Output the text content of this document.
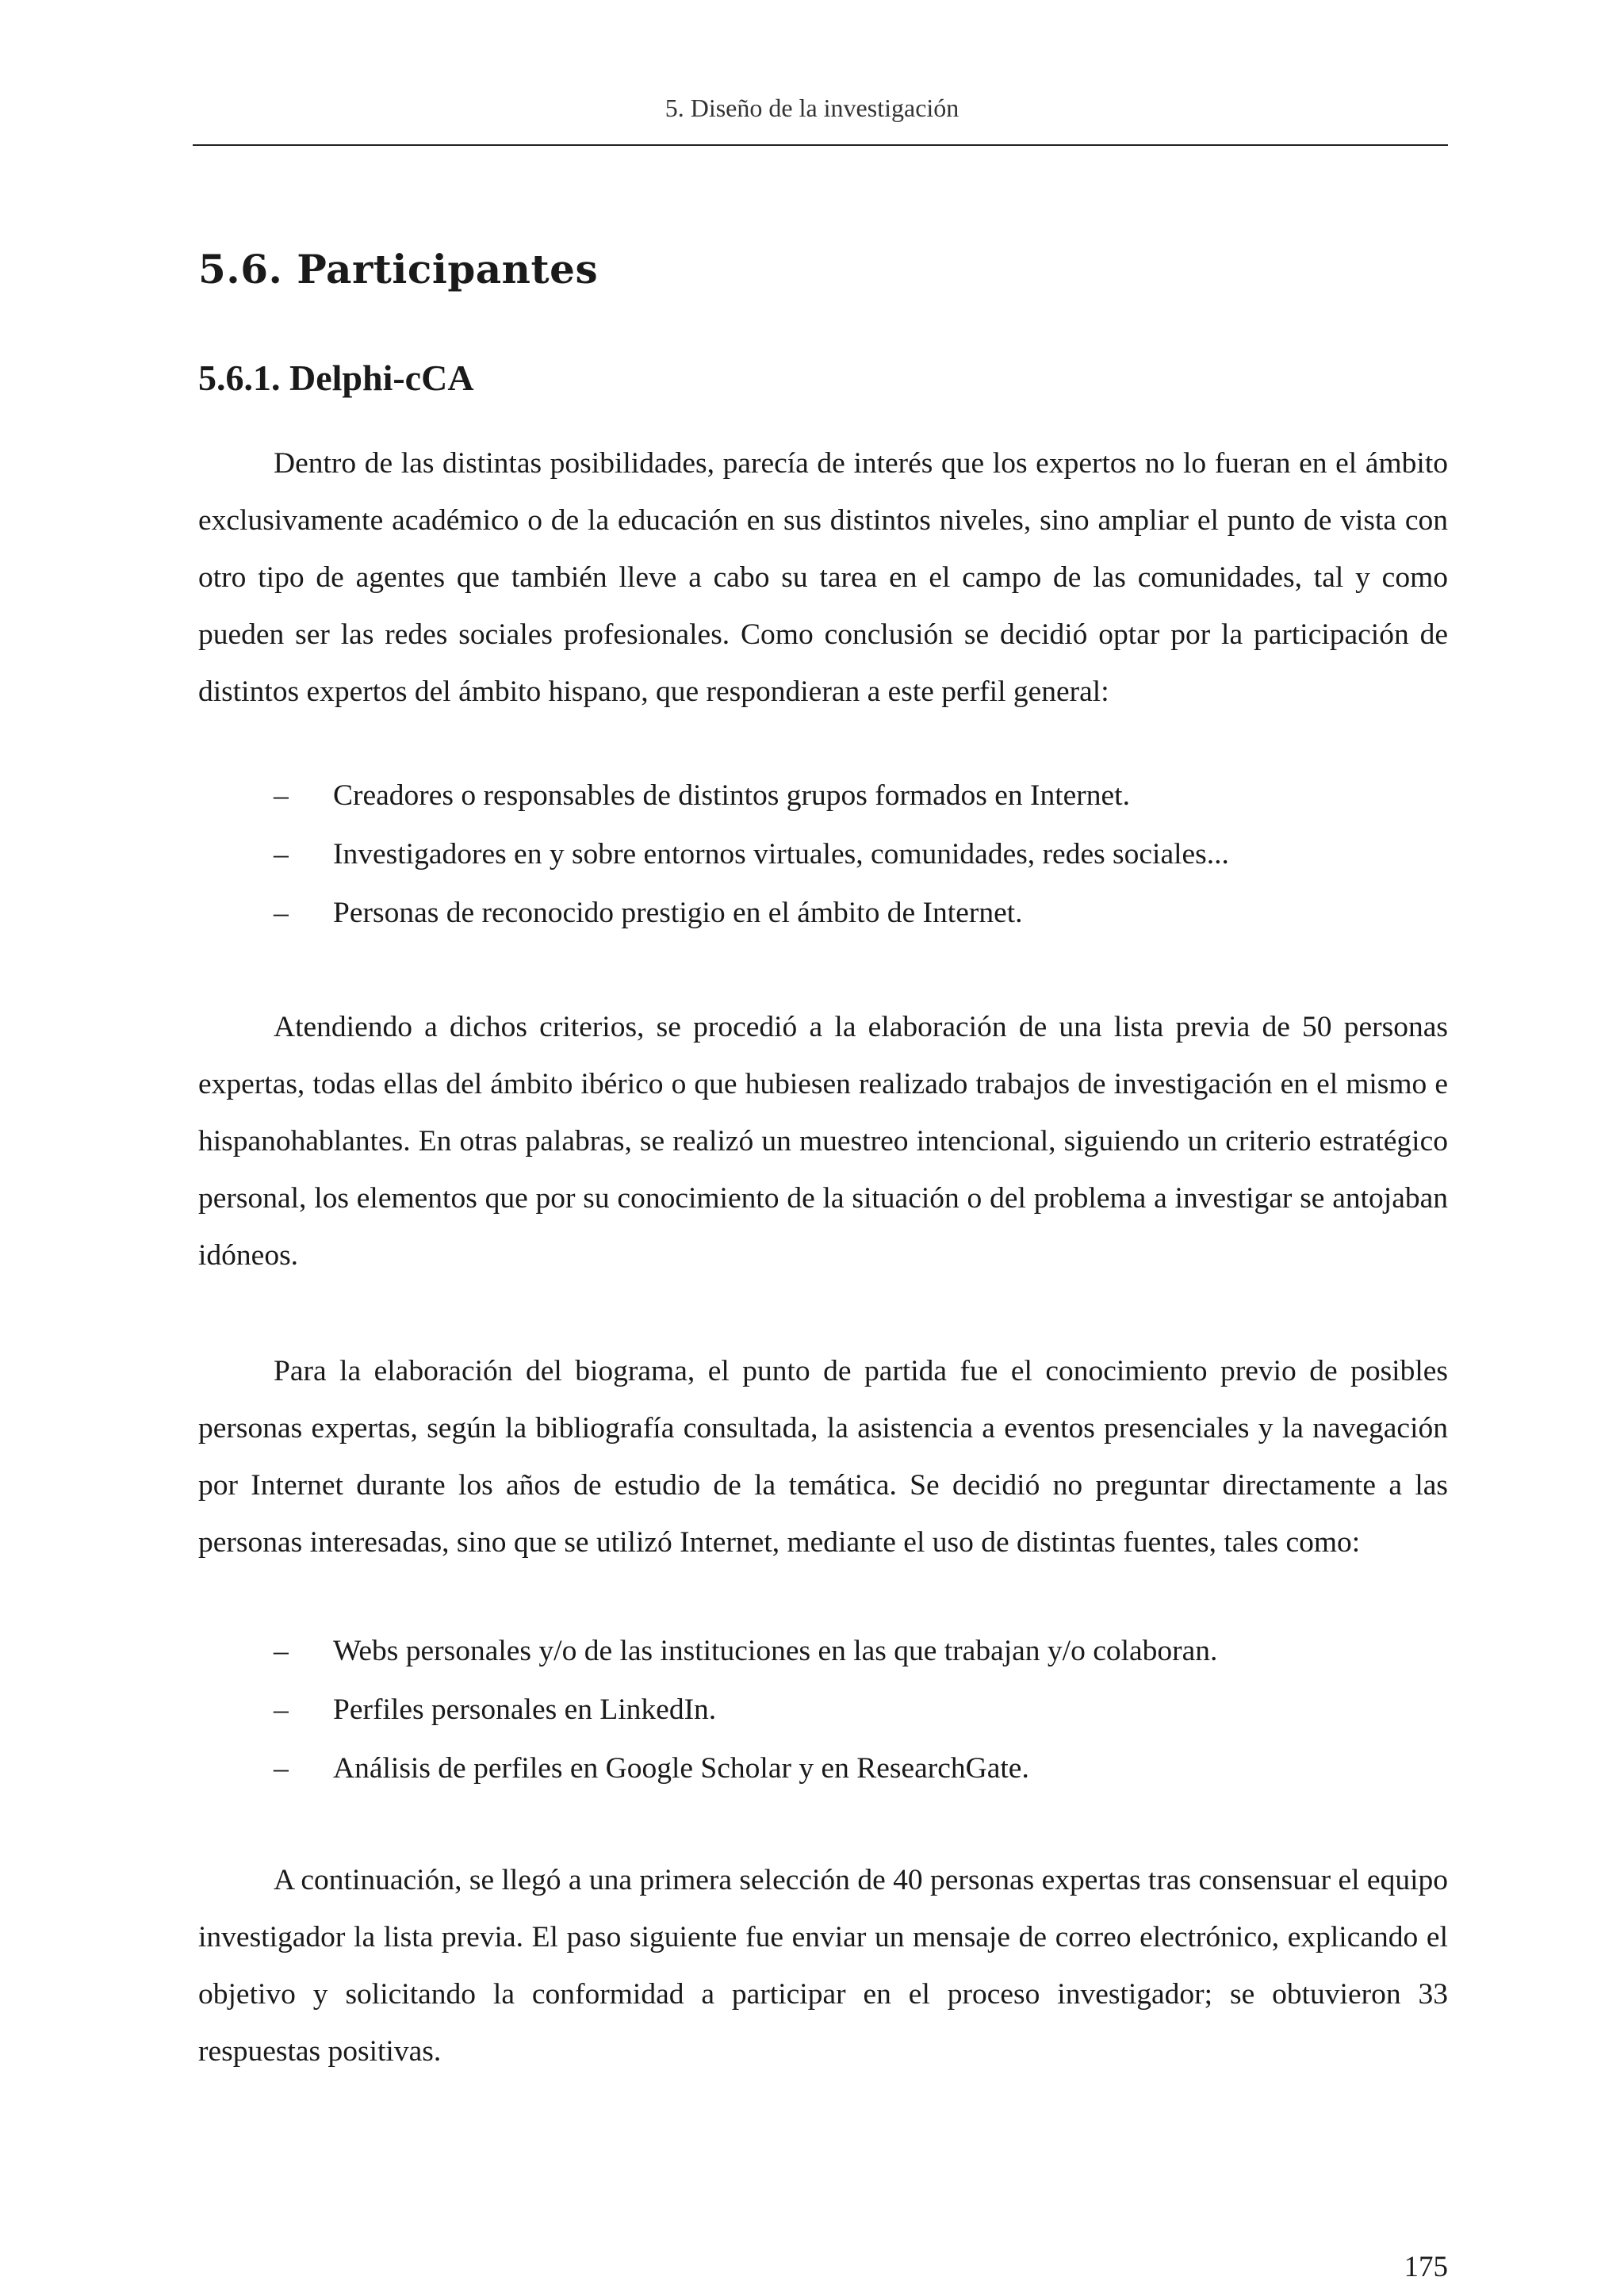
5. Diseño de la investigación
5.6. Participantes
5.6.1. Delphi-cCA

Dentro de las distintas posibilidades, parecía de interés que los expertos no lo fueran en el ámbito exclusivamente académico o de la educación en sus distintos niveles, sino ampliar el punto de vista con otro tipo de agentes que también lleve a cabo su tarea en el campo de las comunidades, tal y como pueden ser las redes sociales profesionales. Como conclusión se decidió optar por la participación de distintos expertos del ámbito hispano, que respondieran a este perfil general:

– Creadores o responsables de distintos grupos formados en Internet.
– Investigadores en y sobre entornos virtuales, comunidades, redes sociales...
– Personas de reconocido prestigio en el ámbito de Internet.

Atendiendo a dichos criterios, se procedió a la elaboración de una lista previa de 50 personas expertas, todas ellas del ámbito ibérico o que hubiesen realizado trabajos de investigación en el mismo e hispanohablantes. En otras palabras, se realizó un muestreo intencional, siguiendo un criterio estratégico personal, los elementos que por su conocimiento de la situación o del problema a investigar se antojaban idóneos.

Para la elaboración del biograma, el punto de partida fue el conocimiento previo de posibles personas expertas, según la bibliografía consultada, la asistencia a eventos presenciales y la navegación por Internet durante los años de estudio de la temática. Se decidió no preguntar directamente a las personas interesadas, sino que se utilizó Internet, mediante el uso de distintas fuentes, tales como:

– Webs personales y/o de las instituciones en las que trabajan y/o colaboran.
– Perfiles personales en LinkedIn.
– Análisis de perfiles en Google Scholar y en ResearchGate.

A continuación, se llegó a una primera selección de 40 personas expertas tras consensuar el equipo investigador la lista previa. El paso siguiente fue enviar un mensaje de correo electrónico, explicando el objetivo y solicitando la conformidad a participar en el proceso investigador; se obtuvieron 33 respuestas positivas.

175
